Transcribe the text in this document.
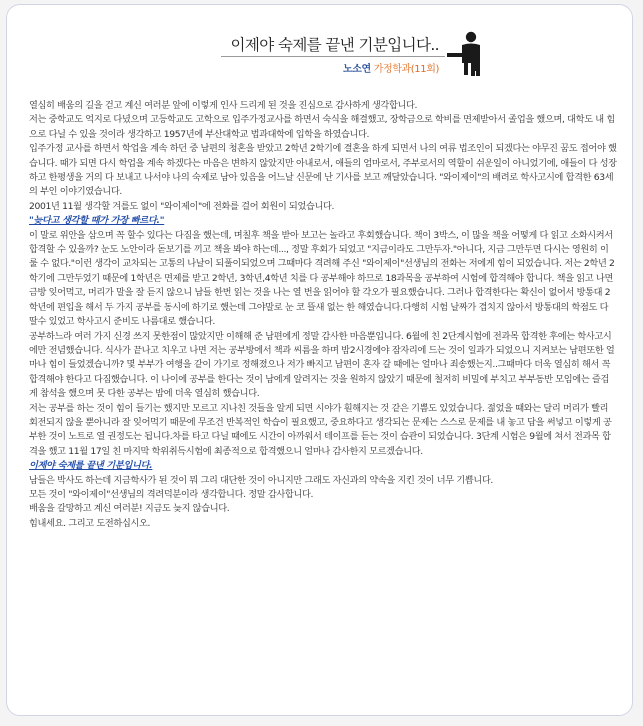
이제야 숙제를 끝낸 기분입니다..
노소연 가정학과(11회)

열심히 배움의 길을 걷고 계신 여러분 앞에 이렇게 인사 드리게 된 것을 진심으로 감사하게 생각합니다.

저는 중학교도 억지로 다녔으며 고등학교도 고학으로 입주가정교사를 하면서 숙식을 해결했고, 장학금으로 학비를 면제받아서 졸업을 했으며, 대학도 내 힘으로 다닐 수 있을 것이라 생각하고 1957년에 부산대학교 법과대학에 입학을 하였습니다.

입주가정 교사를 하면서 학업을 계속 하던 중 남편의 청혼을 받았고 2학년 2학기에 결혼을 하게 되면서 나의 여류 법조인이 되겠다는 야무진 꿈도 접어야 했습니다. 때가 되면 다시 학업을 계속 하겠다는 마음은 변하지 않았지만 아내로서, 애들의 엄마로서, 주부로서의 역할이 쉬운일이 아니었기에, 애들이 다 성장하고 한평생을 거의 다 보내고 나서야 나의 숙제로 남아 있음을 어느날 신문에 난 기사를 보고 깨달았습니다. "와이제이"의 배려로 학사고시에 합격한 63세의 부인 이야기였습니다.

2001년 11월 생각할 겨를도 없이 "와이제이"에 전화를 걸어 회원이 되었습니다.

"늦다고 생각할 때가 가장 빠르다."

이 말로 위안을 삼으며 꼭 할수 있다는 다짐을 했는데, 며칠후 책을 받아 보고는 놀라고 후회했습니다. 책이 3박스, 이 많을 책을 어떻게 다 읽고 소화시켜서 합격할 수 있을까? 눈도 노안이라 돋보기를 끼고 책을 봐야 하는데..., 정말 후회가 되었고 "지금이라도 그만두자."아니다, 지금 그만두면 다시는 영원히 이룰 수 없다."이런 생각이 교차되는 고통의 나날이 되풀이되었으며 그때마다 격려해 주신 "와이제이"선생님의 전화는 저에게 힘이 되었습니다. 저는 2학년 2학기에 그만두었기 때문에 1학년은 면제를 받고 2학년, 3학년,4학년 치를 다 공부해야 하므로 18과목을 공부하여 시험에 합격해야 합니다. 책을 읽고 나면 금방 잊어먹고, 머리가 말을 잘 듣지 않으니 남들 한번 읽는 것을 나는 열 번을 읽어야 할 각오가 필요했습니다. 그러나 합격한다는 확신이 없어서 방통대 2학년에 편입을 해서 두 가지 공부를 동시에 하기로 했는데 그야말로 눈 코 뜰새 없는 한 해였습니다.다행히 시험 날짜가 겹치지 않아서 방통대의 학점도 다 딸수 있었고 학사고시 준비도 나름대로 했습니다.

공부하느라 여러 가지 신경 쓰지 못한점이 많았지만 이해해 준 남편에게 정말 감사한 마음뿐입니다. 6월에 친 2단계시험에 전과목 합격한 후에는 학사고시에만 전념했습니다. 식사가 끝나고 치우고 나면 저는 공부방에서 책과 씨름을 하며 밤2시경에야 잠자리에 드는 것이 일과가 되었으니 지켜보는 남편또한 얼마나 힘이 들었겠습니까? 몇 부부가 여행을 같이 가기로 정해졌으나 저가 빠지고 남편이 혼자 갈 때에는 얼마나 죄송했는지..그때마다 더욱 열심히 해서 꼭 합격해야 한다고 다짐했습니다. 이 나이에 공부를 한다는 것이 남에게 알려지는 것을 원하지 않았기 때문에 철저히 비밀에 부치고 부부동반 모임에는 즐겁게 참석을 했으며 못 다한 공부는 밤에 더욱 열심히 했습니다.

저는 공부를 하는 것이 힘이 들기는 했지만 모르고 지나친 것들을 알게 되면 시야가 훤해지는 것 같은 기쁨도 있었습니다. 젊었을 때와는 달리 머리가 빨리 회전되지 않을 뿐아니라 잘 잊어먹기 때문에 무조건 반복적인 학습이 필요했고, 중요하다고 생각되는 문제는 스스로 문제를 내 놓고 답을 써넣고 이렇게 공부한 것이 노트로 열 권정도는 됩니다.차를 타고 다닐 때에도 시간이 아까워서 테이프를 듣는 것이 습관이 되었습니다. 3단계 시험은 9월에 쳐서 전과목 합격을 했고 11월 17일 친 마지막 학위취득시험에 최종적으로 합격했으니 얼마나 감사한지 모르겠습니다.

이제야 숙제를 끝낸 기분입니다.

남들은 박사도 하는데 지금학사가 된 것이 뭐 그리 대단한 것이 아니지만 그래도 자신과의 약속을 지킨 것이 너무 기쁩니다.

모든 것이 "와이제이"선생님의 격려덕분이라 생각합니다. 정말 감사합니다.

배움을 갈망하고 계신 여러분! 지금도 늦지 않습니다.

힘내세요. 그리고 도전하십시오.
